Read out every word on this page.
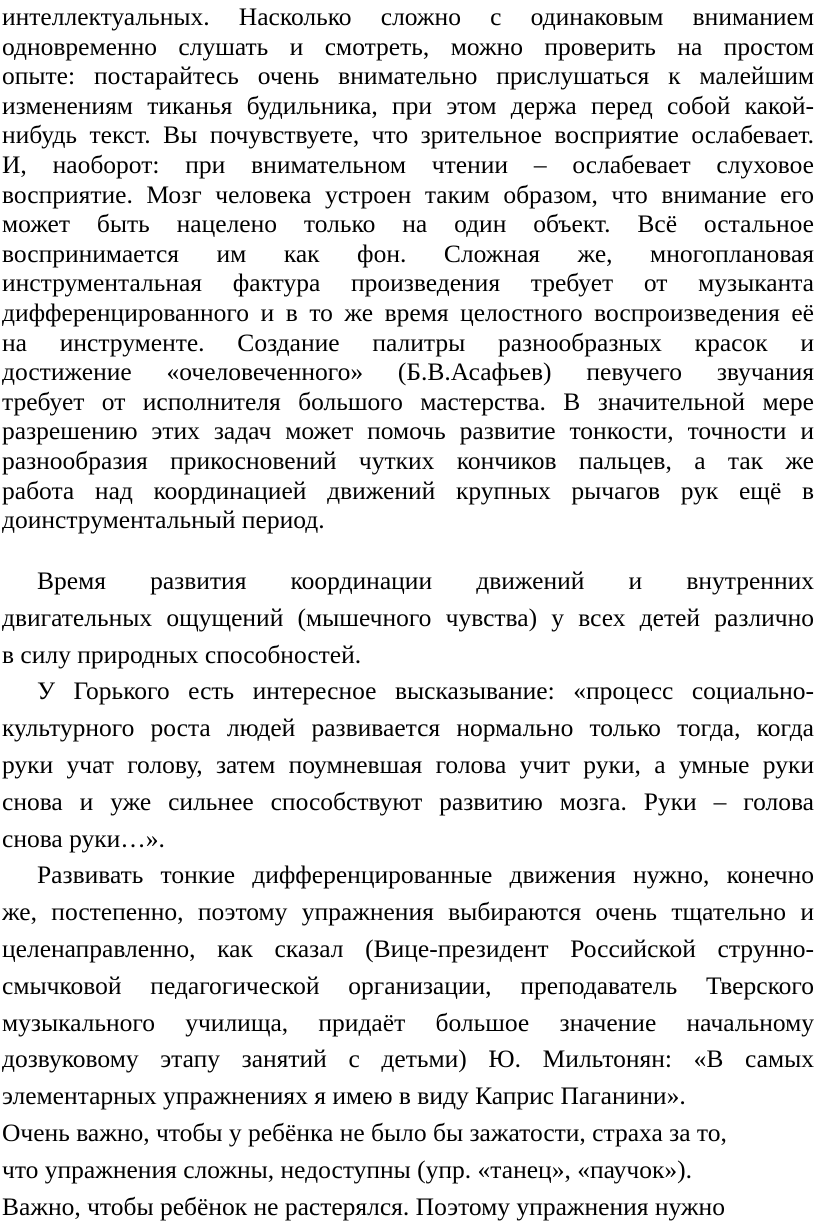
интеллектуальных. Насколько сложно с одинаковым вниманием
одновременно слушать и смотреть, можно проверить на простом
опыте: постарайтесь очень внимательно прислушаться к малейшим
изменениям тиканья будильника, при этом держа перед собой какой-
нибудь текст. Вы почувствуете, что зрительное восприятие ослабевает.
И, наоборот: при внимательном чтении – ослабевает слуховое
восприятие. Мозг человека устроен таким образом, что внимание его
может быть нацелено только на один объект. Всё остальное
воспринимается им как фон. Сложная же, многоплановая
инструментальная фактура произведения требует от музыканта
дифференцированного и в то же время целостного воспроизведения её
на инструменте. Создание палитры разнообразных красок и
достижение «очеловеченного» (Б.В.Асафьев) певучего звучания
требует от исполнителя большого мастерства. В значительной мере
разрешению этих задач может помочь развитие тонкости, точности и
разнообразия прикосновений чутких кончиков пальцев, а так же
работа над координацией движений крупных рычагов рук ещё в
доинструментальный период.
Время развития координации движений и внутренних
двигательных ощущений (мышечного чувства) у всех детей различно
в силу природных способностей.
У Горького есть интересное высказывание: «процесс социально-
культурного роста людей развивается нормально только тогда, когда
руки учат голову, затем поумневшая голова учит руки, а умные руки
снова и уже сильнее способствуют развитию мозга. Руки – голова
снова руки…».
Развивать тонкие дифференцированные движения нужно, конечно
же, постепенно, поэтому упражнения выбираются очень тщательно и
целенаправленно, как сказал (Вице-президент Российской струнно-
смычковой педагогической организации, преподаватель Тверского
музыкального училища, придаёт большое значение начальному
дозвуковому этапу занятий с детьми) Ю. Мильтонян: «В самых
элементарных упражнениях я имею в виду Каприс Паганини».
Очень важно, чтобы у ребёнка не было бы зажатости, страха за то,
что упражнения сложны, недоступны (упр. «танец», «паучок»).
Важно, чтобы ребёнок не растерялся. Поэтому упражнения нужно
